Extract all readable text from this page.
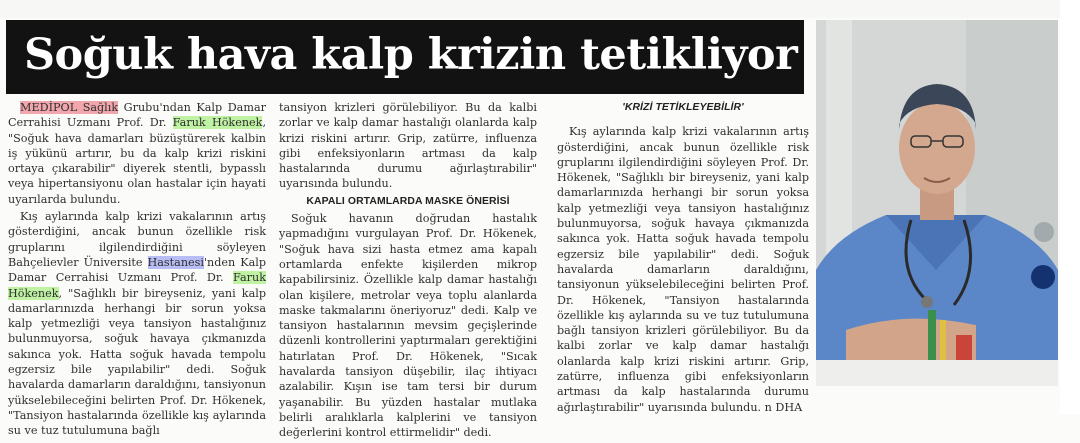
Soğuk hava kalp krizin tetikliyor

MEDİPOL Sağlık Grubu'ndan Kalp Damar Cerrahisi Uzmanı Prof. Dr. Faruk Hökenek, "Soğuk hava damarları büzüştürerek kalbin iş yükünü artırır, bu da kalp krizi riskini ortaya çıkarabilir" diyerek stentli, bypasslı veya hipertansiyonu olan hastalar için hayati uyarılarda bulundu.

Kış aylarında kalp krizi vakalarının artış gösterdiğini, ancak bunun özellikle risk gruplarını ilgilendirdiğini söyleyen Bahçelievler Üniversite Hastanesi'nden Kalp Damar Cerrahisi Uzmanı Prof. Dr. Faruk Hökenek, "Sağlıklı bir bireyseniz, yani kalp damarlarınızda herhangi bir sorun yoksa kalp yetmezliği veya tansiyon hastalığınız bulunmuyorsa, soğuk havaya çıkmanızda sakınca yok. Hatta soğuk havada tempolu egzersiz bile yapılabilir" dedi. Soğuk havalarda damarların daraldığını, tansiyonun yükselebileceğini belirten Prof. Dr. Hökenek, "Tansiyon hastalarında özellikle kış aylarında su ve tuz tutulumuna bağlı

tansiyon krizleri görülebiliyor. Bu da kalbi zorlar ve kalp damar hastalığı olanlarda kalp krizi riskini artırır. Grip, zatürre, influenza gibi enfeksiyonların artması da kalp hastalarında durumu ağırlaştırabilir" uyarısında bulundu.

KAPALI ORTAMLARDA MASKE ÖNERİSİ

Soğuk havanın doğrudan hastalık yapmadığını vurgulayan Prof. Dr. Hökenek, "Soğuk hava sizi hasta etmez ama kapalı ortamlarda enfekte kişilerden mikrop kapabilirsiniz. Özellikle kalp damar hastalığı olan kişilere, metrolar veya toplu alanlarda maske takmalarını öneriyoruz" dedi. Kalp ve tansiyon hastalarının mevsim geçişlerinde düzenli kontrollerini yaptırmaları gerektiğini hatırlatan Prof. Dr. Hökenek, "Sıcak havalarda tansiyon düşebilir, ilaç ihtiyacı azalabilir. Kışın ise tam tersi bir durum yaşanabilir. Bu yüzden hastalar mutlaka belirli aralıklarla kalplerini ve tansiyon değerlerini kontrol ettirmelidir" dedi.

'KRİZİ TETİKLEYEBİLİR'

Kış aylarında kalp krizi vakalarının artış gösterdiğini, ancak bunun özellikle risk gruplarını ilgilendirdiğini söyleyen Prof. Dr. Hökenek, "Sağlıklı bir bireyseniz, yani kalp damarlarınızda herhangi bir sorun yoksa kalp yetmezliği veya tansiyon hastalığınız bulunmuyorsa, soğuk havaya çıkmanızda sakınca yok. Hatta soğuk havada tempolu egzersiz bile yapılabilir" dedi. Soğuk havalarda damarların daraldığını, tansiyonun yükselebileceğini belirten Prof. Dr. Hökenek, "Tansiyon hastalarında özellikle kış aylarında su ve tuz tutulumuna bağlı tansiyon krizleri görülebiliyor. Bu da kalbi zorlar ve kalp damar hastalığı olanlarda kalp krizi riskini artırır. Grip, zatürre, influenza gibi enfeksiyonların artması da kalp hastalarında durumu ağırlaştırabilir" uyarısında bulundu. n DHA
